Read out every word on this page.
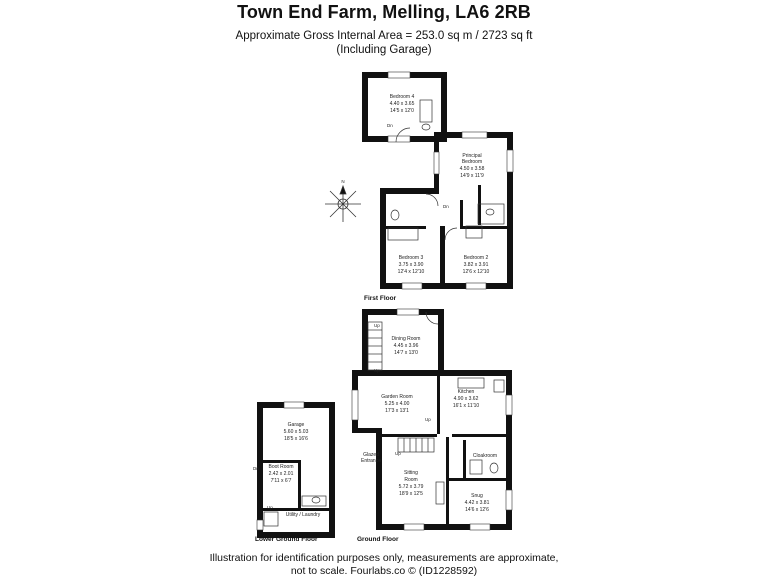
Town End Farm, Melling, LA6 2RB
Approximate Gross Internal Area = 253.0 sq m / 2723 sq ft
(Including Garage)
N
Bedroom 4
4.40 x 3.65
14'5 x 12'0
Principal
Bedroom
4.50 x 3.58
14'9 x 11'9
Bedroom 3
3.75 x 3.90
12'4 x 12'10
Bedroom 2
3.82 x 3.91
12'6 x 12'10
Dining Room
4.45 x 3.96
14'7 x 13'0
Garden Room
5.25 x 4.00
17'3 x 13'1
Kitchen
4.90 x 3.62
16'1 x 11'10
Cloakroom
Sitting
Room
5.72 x 3.79
18'9 x 12'5	Snug
4.42 x 3.81
14'6 x 12'6
Glazed
Entrance
Garage
5.60 x 5.03
18'5 x 16'6
Boot Room
2.42 x 2.01
7'11 x 6'7
Utility / Laundry
Dn
Dn
Up
Up
Up
Up
Dn
Up
First Floor
Ground Floor
Lower Ground Floor
Illustration for identification purposes only, measurements are approximate,
not to scale. Fourlabs.co © (ID1228592)
